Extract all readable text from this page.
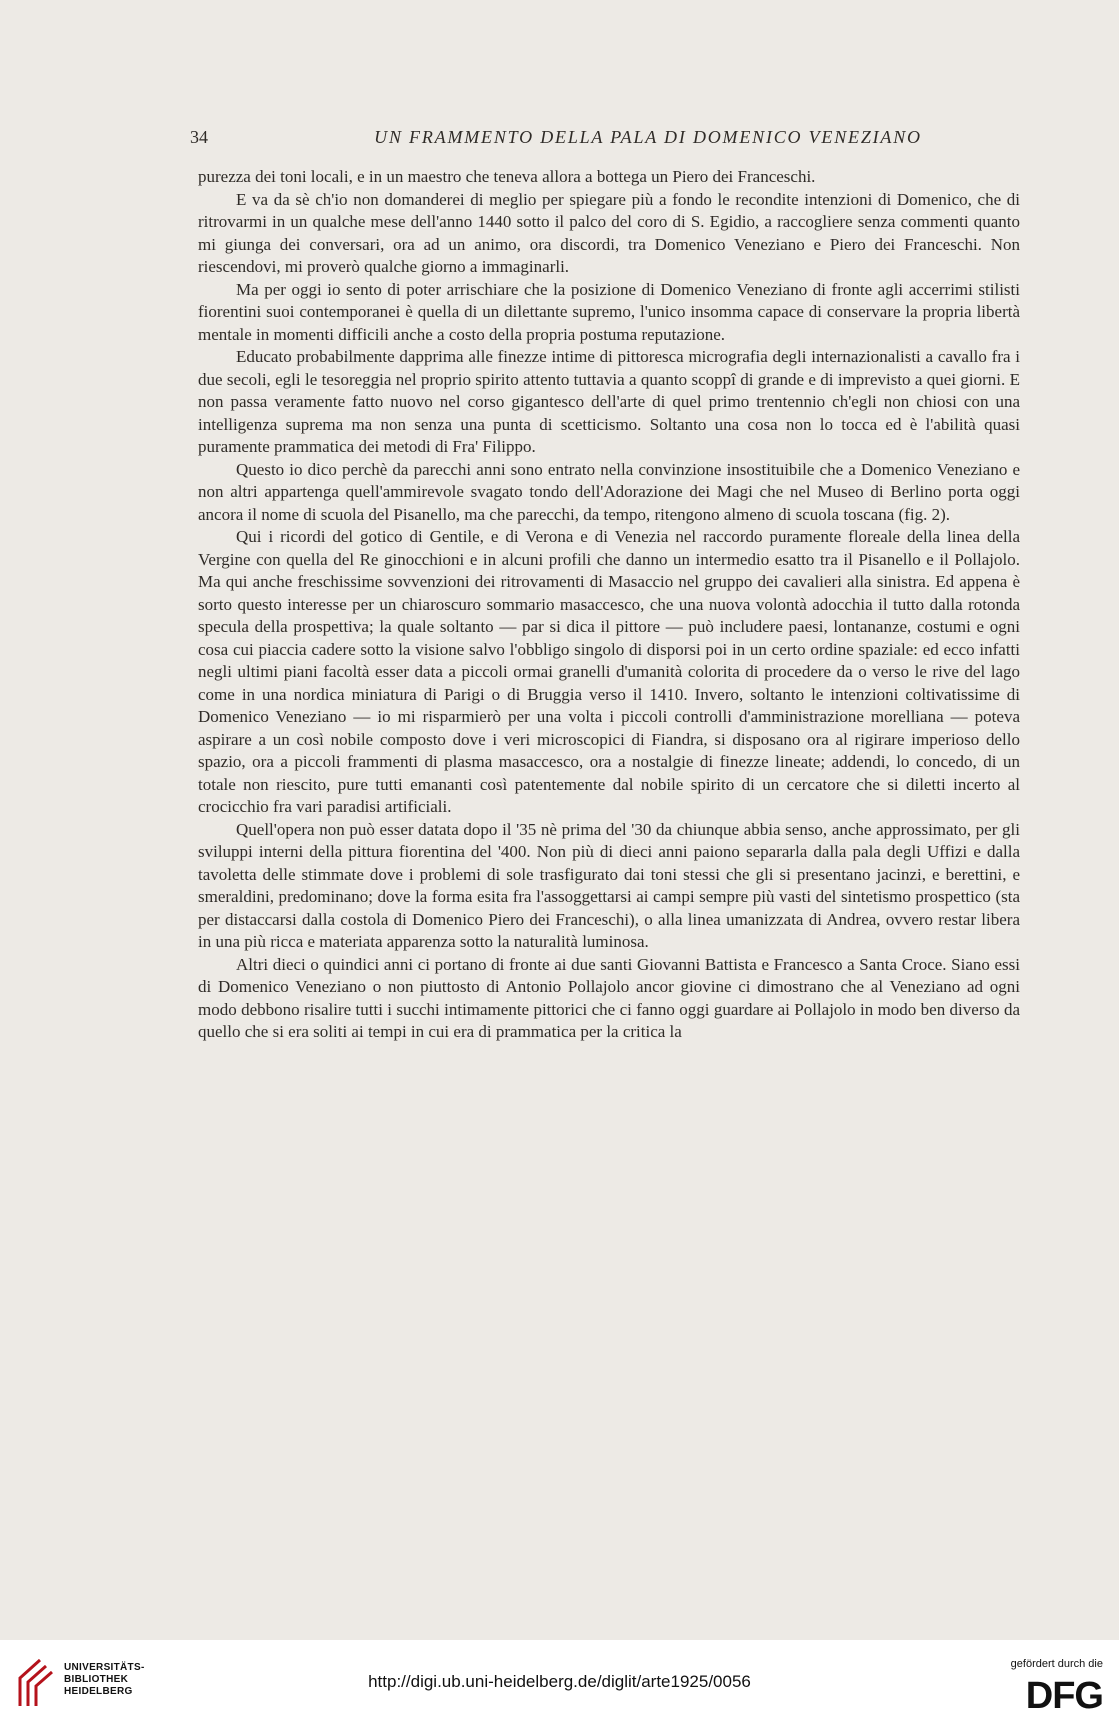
34	UN FRAMMENTO DELLA PALA DI DOMENICO VENEZIANO

purezza dei toni locali, e in un maestro che teneva allora a bottega un Piero dei Franceschi.

E va da sè ch'io non domanderei di meglio per spiegare più a fondo le recondite intenzioni di Domenico, che di ritrovarmi in un qualche mese dell'anno 1440 sotto il palco del coro di S. Egidio, a raccogliere senza commenti quanto mi giunga dei conversari, ora ad un animo, ora discordi, tra Domenico Veneziano e Piero dei Franceschi. Non riescendovi, mi proverò qualche giorno a immaginarli.

Ma per oggi io sento di poter arrischiare che la posizione di Domenico Veneziano di fronte agli accerrimi stilisti fiorentini suoi contemporanei è quella di un dilettante supremo, l'unico insomma capace di conservare la propria libertà mentale in momenti difficili anche a costo della propria postuma reputazione.

Educato probabilmente dapprima alle finezze intime di pittoresca micrografia degli internazionalisti a cavallo fra i due secoli, egli le tesoreggia nel proprio spirito attento tuttavia a quanto scoppî di grande e di imprevisto a quei giorni. E non passa veramente fatto nuovo nel corso gigantesco dell'arte di quel primo trentennio ch'egli non chiosi con una intelligenza suprema ma non senza una punta di scetticismo. Soltanto una cosa non lo tocca ed è l'abilità quasi puramente prammatica dei metodi di Fra' Filippo.

Questo io dico perchè da parecchi anni sono entrato nella convinzione insostituibile che a Domenico Veneziano e non altri appartenga quell'ammirevole svagato tondo dell'Adorazione dei Magi che nel Museo di Berlino porta oggi ancora il nome di scuola del Pisanello, ma che parecchi, da tempo, ritengono almeno di scuola toscana (fig. 2).

Qui i ricordi del gotico di Gentile, e di Verona e di Venezia nel raccordo puramente floreale della linea della Vergine con quella del Re ginocchioni e in alcuni profili che danno un intermedio esatto tra il Pisanello e il Pollajolo. Ma qui anche freschissime sovvenzioni dei ritrovamenti di Masaccio nel gruppo dei cavalieri alla sinistra. Ed appena è sorto questo interesse per un chiaroscuro sommario masaccesco, che una nuova volontà adocchia il tutto dalla rotonda specula della prospettiva; la quale soltanto — par si dica il pittore — può includere paesi, lontananze, costumi e ogni cosa cui piaccia cadere sotto la visione salvo l'obbligo singolo di disporsi poi in un certo ordine spaziale: ed ecco infatti negli ultimi piani facoltà esser data a piccoli ormai granelli d'umanità colorita di procedere da o verso le rive del lago come in una nordica miniatura di Parigi o di Bruggia verso il 1410. Invero, soltanto le intenzioni coltivatissime di Domenico Veneziano — io mi risparmierò per una volta i piccoli controlli d'amministrazione morelliana — poteva aspirare a un così nobile composto dove i veri microscopici di Fiandra, si disposano ora al rigirare imperioso dello spazio, ora a piccoli frammenti di plasma masaccesco, ora a nostalgie di finezze lineate; addendi, lo concedo, di un totale non riescito, pure tutti emananti così patentemente dal nobile spirito di un cercatore che si diletti incerto al crocicchio fra vari paradisi artificiali.

Quell'opera non può esser datata dopo il '35 nè prima del '30 da chiunque abbia senso, anche approssimato, per gli sviluppi interni della pittura fiorentina del '400. Non più di dieci anni paiono separarla dalla pala degli Uffizi e dalla tavoletta delle stimmate dove i problemi di sole trasfigurato dai toni stessi che gli si presentano jacinzi, e berettini, e smeraldini, predominano; dove la forma esita fra l'assoggettarsi ai campi sempre più vasti del sintetismo prospettico (sta per distaccarsi dalla costola di Domenico Piero dei Franceschi), o alla linea umanizzata di Andrea, ovvero restar libera in una più ricca e materiata apparenza sotto la naturalità luminosa.

Altri dieci o quindici anni ci portano di fronte ai due santi Giovanni Battista e Francesco a Santa Croce. Siano essi di Domenico Veneziano o non piuttosto di Antonio Pollajolo ancor giovine ci dimostrano che al Veneziano ad ogni modo debbono risalire tutti i succhi intimamente pittorici che ci fanno oggi guardare ai Pollajolo in modo ben diverso da quello che si era soliti ai tempi in cui era di prammatica per la critica la

UNIVERSITÄTS-
BIBLIOTHEK
HEIDELBERG
http://digi.ub.uni-heidelberg.de/diglit/arte1925/0056
gefördert durch die
DFG
